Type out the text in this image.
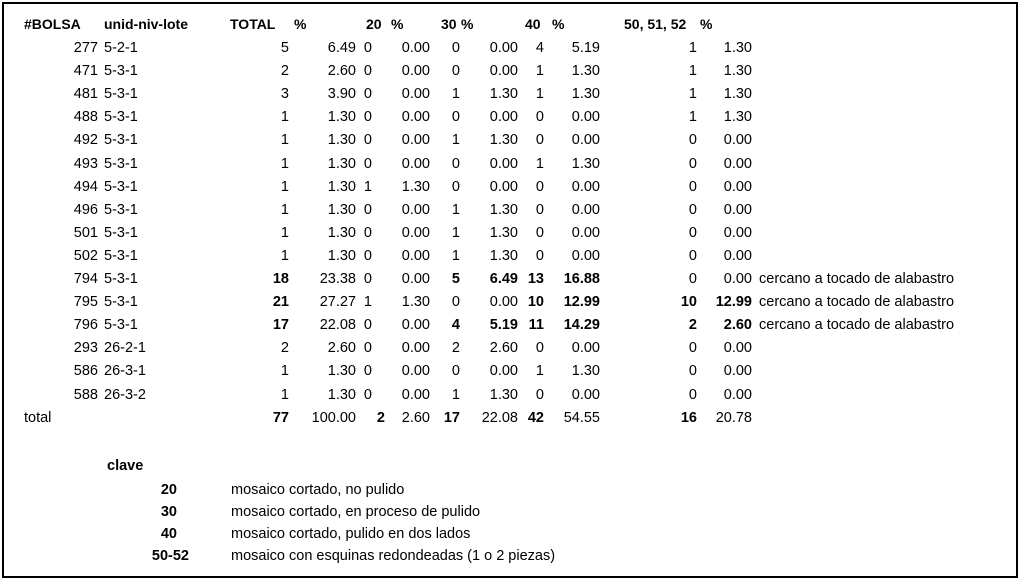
#BOLSA unid-niv-lote	TOTAL %	20 %	30 %	40 %	50, 51, 52 %
277 5-2-1	5	6.49 0 0.00 0 0.00 4 5.19	1 1.30
471 5-3-1	2	2.60 0 0.00 0 0.00 1 1.30	1 1.30
481 5-3-1	3	3.90 0 0.00 1 1.30 1 1.30	1 1.30
488 5-3-1	1	1.30 0 0.00 0 0.00 0 0.00	1 1.30
492 5-3-1	1	1.30 0 0.00 1 1.30 0 0.00	0 0.00
493 5-3-1	1	1.30 0 0.00 0 0.00 1 1.30	0 0.00
494 5-3-1	1	1.30 1 1.30 0 0.00 0 0.00	0 0.00
496 5-3-1	1	1.30 0 0.00 1 1.30 0 0.00	0 0.00
501 5-3-1	1	1.30 0 0.00 1 1.30 0 0.00	0 0.00
502 5-3-1	1	1.30 0 0.00 1 1.30 0 0.00	0 0.00
794 5-3-1	18 23.38 0 0.00 5 6.49 13 16.88	0 0.00 cercano a tocado de alabastro
795 5-3-1	21 27.27 1 1.30 0 0.00 10 12.99	10 12.99 cercano a tocado de alabastro
796 5-3-1	17 22.08 0 0.00 4 5.19 11 14.29	2 2.60 cercano a tocado de alabastro
293 26-2-1	2	2.60 0 0.00 2 2.60 0 0.00	0 0.00
586 26-3-1	1	1.30 0 0.00 0 0.00 1 1.30	0 0.00
588 26-3-2	1	1.30 0 0.00 1 1.30 0 0.00	0 0.00
total	77 100.00 2 2.60 17 22.08 42 54.55	16 20.78
clave
20	mosaico cortado, no pulido
30	mosaico cortado, en proceso de pulido
40	mosaico cortado, pulido en dos lados
50-52	mosaico con esquinas redondeadas (1 o 2 piezas)
